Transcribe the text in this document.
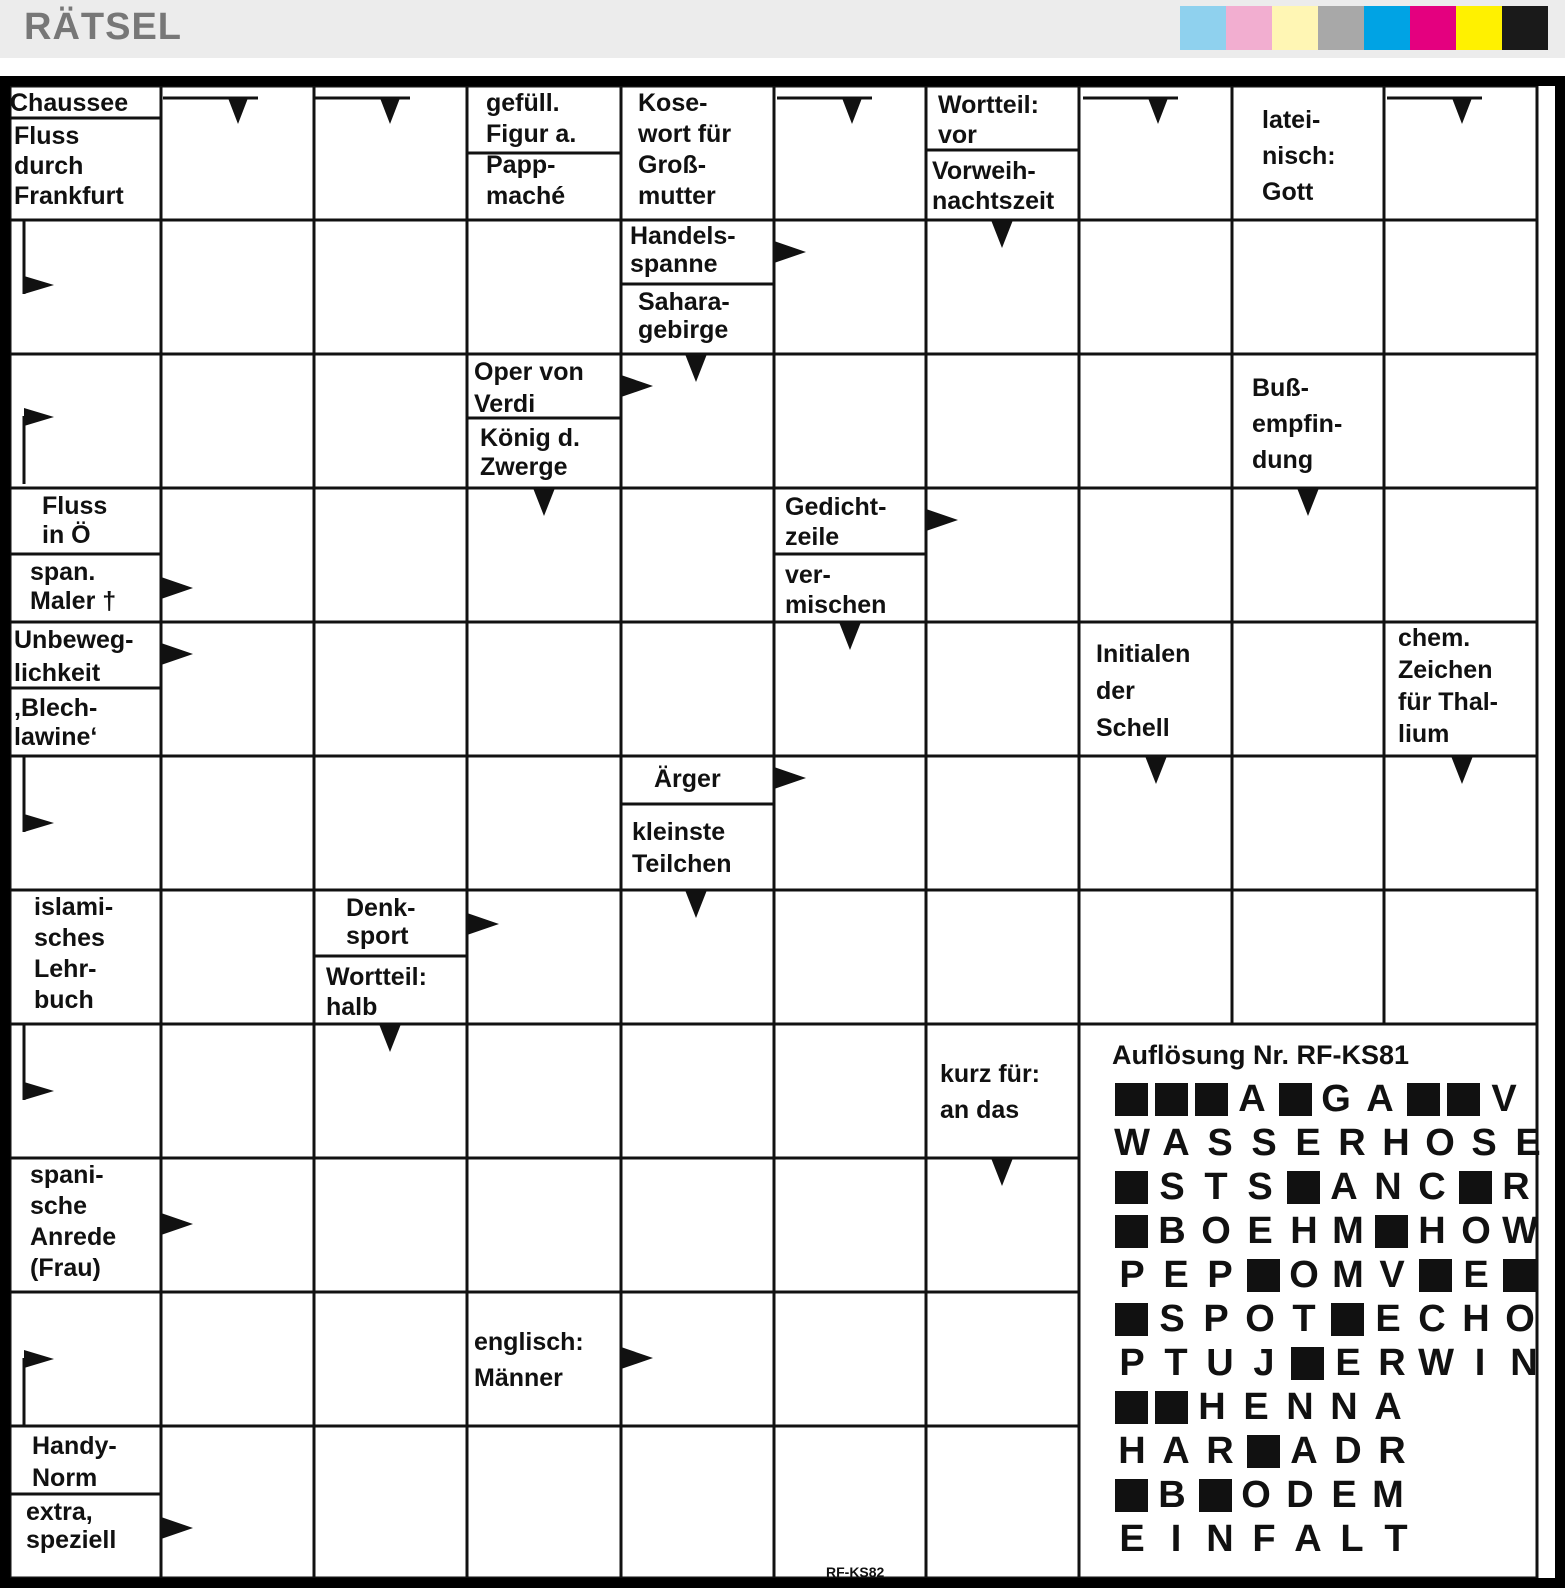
RÄTSEL

Chaussee

Fluss
durch
Frankfurt

gefüll.
Figur a.
Papp-
maché

Kose-
wort für
Groß-
mutter

Wortteil:
vor

Vorweih-
nachtszeit

latei-
nisch:
Gott

Handels-
spanne

Sahara-
gebirge

Oper von
Verdi

König d.
Zwerge

Buß-
empfin-
dung

Fluss
in Ö

span.
Maler †

Gedicht-
zeile

ver-
mischen

Unbeweg-
lichkeit

‚Blech-
lawine‘

Initialen
der
Schell

chem.
Zeichen
für Thal-
lium

Ärger

kleinste
Teilchen

islami-
sches
Lehr-
buch

Denk-
sport

Wortteil:
halb

kurz für:
an das

spani-
sche
Anrede
(Frau)

englisch:
Männer

Handy-
Norm

extra,
speziell

Auflösung Nr. RF-KS81

A G A	V
W A S S E R H O S E
S T S A N C R
B O E H M H O W
P E P O M V E
S P O T E C H O
P T U J E R W I N
H E N N A
H A R A D R
B O D E M
E I N F A L T
RF-KS82
